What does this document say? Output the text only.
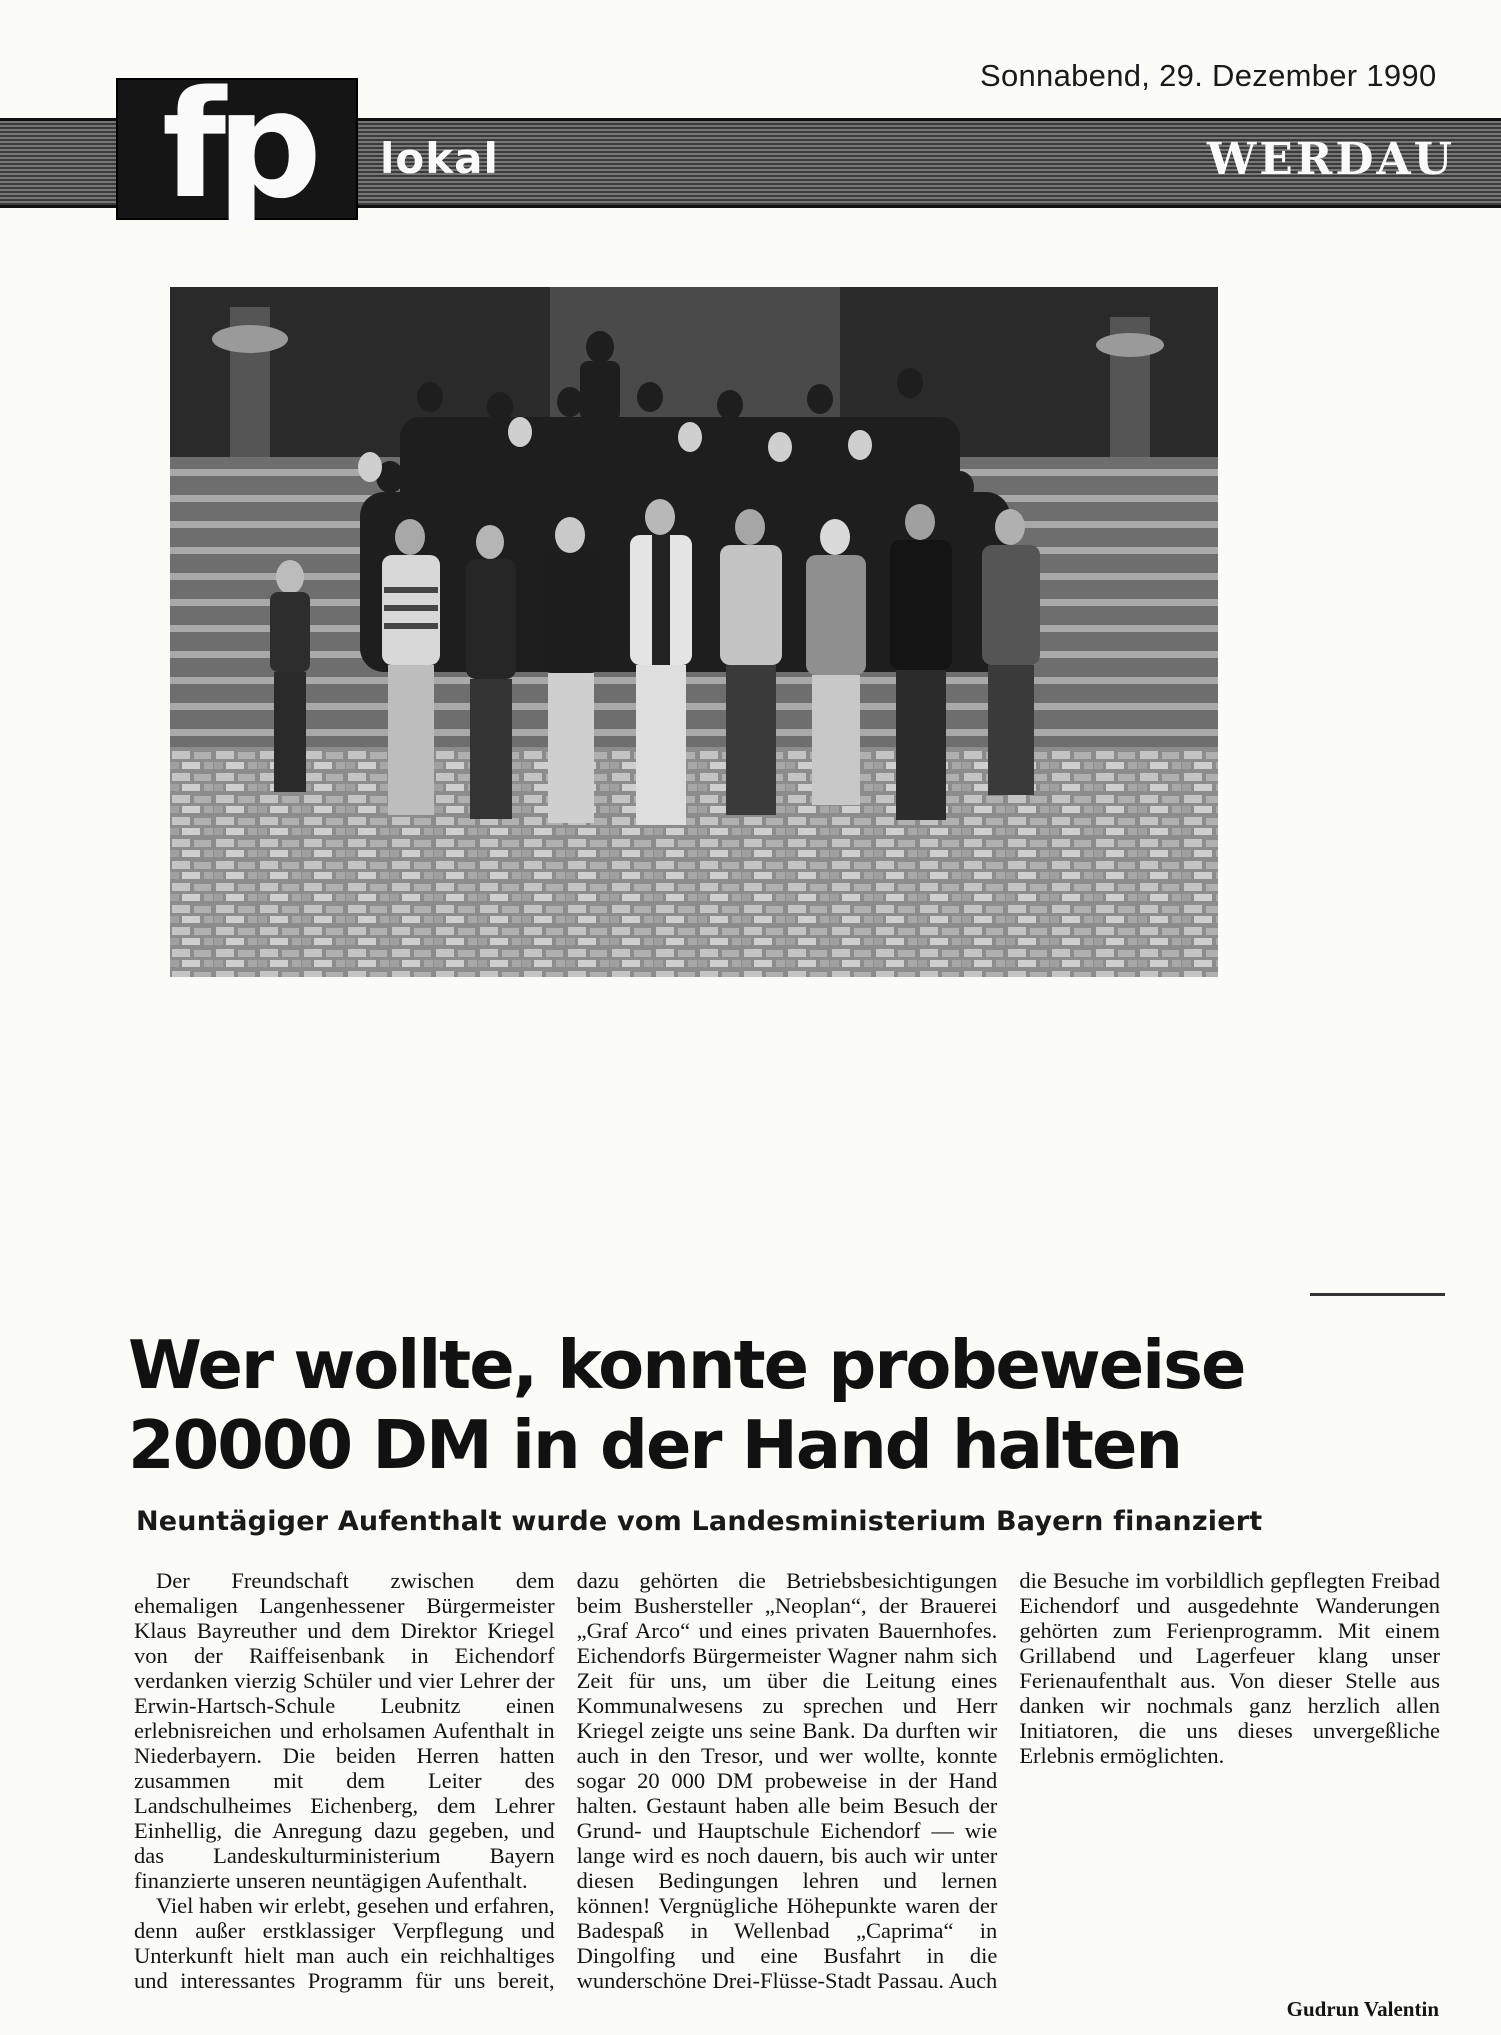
Sonnabend, 29. Dezember 1990
fp	lokal	WERDAU
Wer wollte, konnte probeweise 20000 DM in der Hand halten
Neuntägiger Aufenthalt wurde vom Landesministerium Bayern finanziert

Der Freundschaft zwischen dem ehemaligen Langenhessener Bürgermeister Klaus Bayreuther und dem Direktor Kriegel von der Raiffeisenbank in Eichendorf verdanken vierzig Schüler und vier Lehrer der Erwin-Hartsch-Schule Leubnitz einen erlebnisreichen und erholsamen Aufenthalt in Niederbayern. Die beiden Herren hatten zusammen mit dem Leiter des Landschulheimes Eichenberg, dem Lehrer Einhellig, die Anregung dazu gegeben, und das Landeskulturministerium Bayern finanzierte unseren neuntägigen Aufenthalt.

Viel haben wir erlebt, gesehen und erfahren, denn außer erstklassiger Verpflegung und Unterkunft hielt man auch ein reichhaltiges und interessantes Programm für uns bereit, dazu gehörten die Betriebsbesichtigungen beim Bushersteller „Neoplan“, der Brauerei „Graf Arco“ und eines privaten Bauernhofes. Eichendorfs Bürgermeister Wagner nahm sich Zeit für uns, um über die Leitung eines Kommunalwesens zu sprechen und Herr Kriegel zeigte uns seine Bank. Da durften wir auch in den Tresor, und wer wollte, konnte sogar 20 000 DM probeweise in der Hand halten. Gestaunt haben alle beim Besuch der Grund- und Hauptschule Eichendorf — wie lange wird es noch dauern, bis auch wir unter diesen Bedingungen lehren und lernen können! Vergnügliche Höhepunkte waren der Badespaß in Wellenbad „Caprima“ in Dingolfing und eine Busfahrt in die wunderschöne Drei-Flüsse-Stadt Passau. Auch die Besuche im vorbildlich gepflegten Freibad Eichendorf und ausgedehnte Wanderungen gehörten zum Ferienprogramm. Mit einem Grillabend und Lagerfeuer klang unser Ferienaufenthalt aus. Von dieser Stelle aus danken wir nochmals ganz herzlich allen Initiatoren, die uns dieses unvergeßliche Erlebnis ermöglichten.

Gudrun Valentin
